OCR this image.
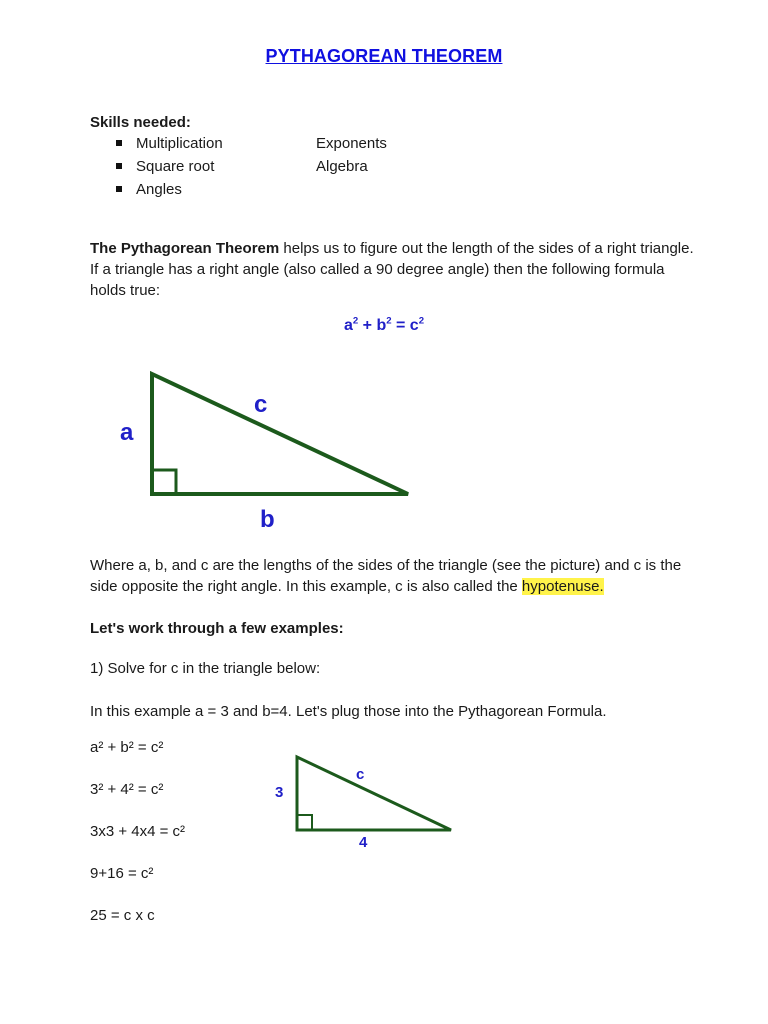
PYTHAGOREAN THEOREM
Skills needed:
Multiplication	Exponents
Square root	Algebra
Angles
The Pythagorean Theorem helps us to figure out the length of the sides of a right triangle.
If a triangle has a right angle (also called a 90 degree angle) then the following formula
holds true:
$a^2 + b^2 = c^2$
a
c
b
3
c
4
Where a, b, and c are the lengths of the sides of the triangle (see the picture) and c is the
side opposite the right angle. In this example, c is also called the hypotenuse.
Let's work through a few examples:
1) Solve for c in the triangle below:
In this example a = 3 and b=4. Let's plug those into the Pythagorean Formula.
a² + b² = c²
3² + 4² = c²
3x3 + 4x4 = c²
9+16 = c²
25 = c x c
